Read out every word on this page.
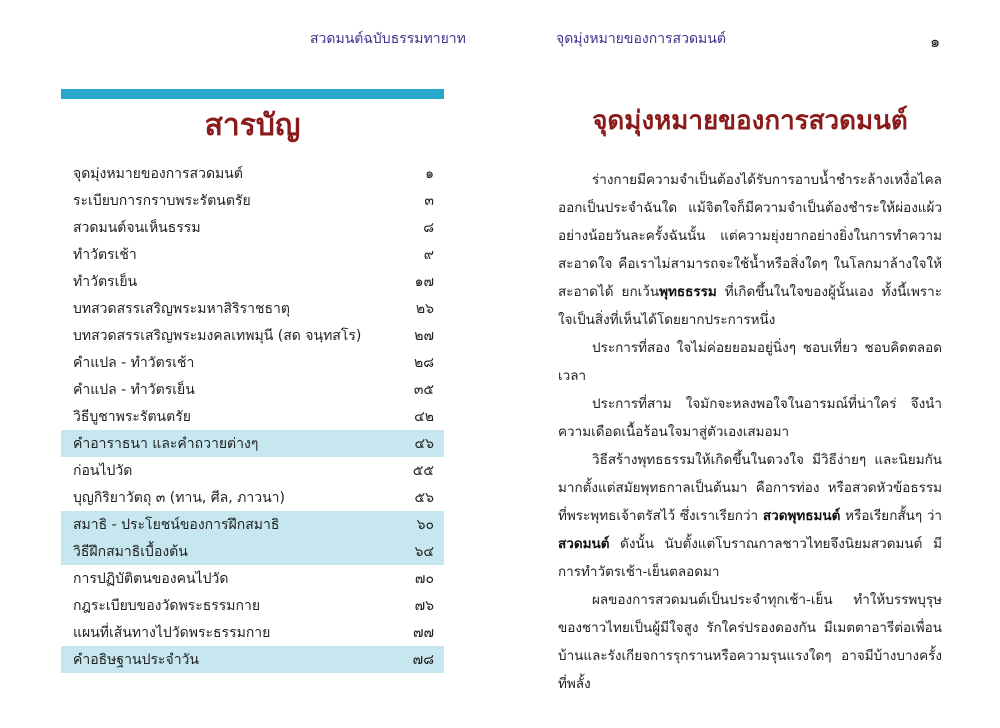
สวดมนต์ฉบับธรรมทายาท	จุดมุ่งหมายของการสวดมนต์	๑
สารบัญ
จุดมุ่งหมายของการสวดมนต์	๑
ระเบียบการกราบพระรัตนตรัย	๓
สวดมนต์จนเห็นธรรม	๘
ทำวัตรเช้า	๙
ทำวัตรเย็น	๑๗
บทสวดสรรเสริญพระมหาสิริราชธาตุ	๒๖
บทสวดสรรเสริญพระมงคลเทพมุนี (สด จนฺทสโร)	๒๗
คำแปล - ทำวัตรเช้า	๒๘
คำแปล - ทำวัตรเย็น	๓๕
วิธีบูชาพระรัตนตรัย	๔๒
คำอาราธนา และคำถวายต่างๆ	๔๖
ก่อนไปวัด	๕๕
บุญกิริยาวัตถุ ๓ (ทาน, ศีล, ภาวนา)	๕๖
สมาธิ - ประโยชน์ของการฝึกสมาธิ	๖๐
วิธีฝึกสมาธิเบื้องต้น	๖๔
การปฏิบัติตนของคนไปวัด	๗๐
กฎระเบียบของวัดพระธรรมกาย	๗๖
แผนที่เส้นทางไปวัดพระธรรมกาย	๗๗
คำอธิษฐานประจำวัน	๗๘
จุดมุ่งหมายของการสวดมนต์

ร่างกายมีความจำเป็นต้องได้รับการอาบน้ำชำระล้างเหงื่อไคลออกเป็นประจำฉันใด แม้จิตใจก็มีความจำเป็นต้องชำระให้ผ่องแผ้วอย่างน้อยวันละครั้งฉันนั้น แต่ความยุ่งยากอย่างยิ่งในการทำความสะอาดใจ คือเราไม่สามารถจะใช้น้ำหรือสิ่งใดๆ ในโลกมาล้างใจให้สะอาดได้ ยกเว้นพุทธธรรม ที่เกิดขึ้นในใจของผู้นั้นเอง ทั้งนี้เพราะใจเป็นสิ่งที่เห็นได้โดยยากประการหนึ่ง

ประการที่สอง ใจไม่ค่อยยอมอยู่นิ่งๆ ชอบเที่ยว ชอบคิดตลอดเวลา

ประการที่สาม ใจมักจะหลงพอใจในอารมณ์ที่น่าใคร่ จึงนำความเดือดเนื้อร้อนใจมาสู่ตัวเองเสมอมา

วิธีสร้างพุทธธรรมให้เกิดขึ้นในดวงใจ มีวิธีง่ายๆ และนิยมกันมากตั้งแต่สมัยพุทธกาลเป็นต้นมา คือการท่อง หรือสวดหัวข้อธรรมที่พระพุทธเจ้าตรัสไว้ ซึ่งเราเรียกว่า สวดพุทธมนต์ หรือเรียกสั้นๆ ว่า สวดมนต์ ดังนั้น นับตั้งแต่โบราณกาลชาวไทยจึงนิยมสวดมนต์ มีการทำวัตรเช้า-เย็นตลอดมา

ผลของการสวดมนต์เป็นประจำทุกเช้า-เย็น ทำให้บรรพบุรุษของชาวไทยเป็นผู้มีใจสูง รักใคร่ปรองดองกัน มีเมตตาอารีต่อเพื่อนบ้านและรังเกียจการรุกรานหรือความรุนแรงใดๆ อาจมีบ้างบางครั้งที่พลั้ง
